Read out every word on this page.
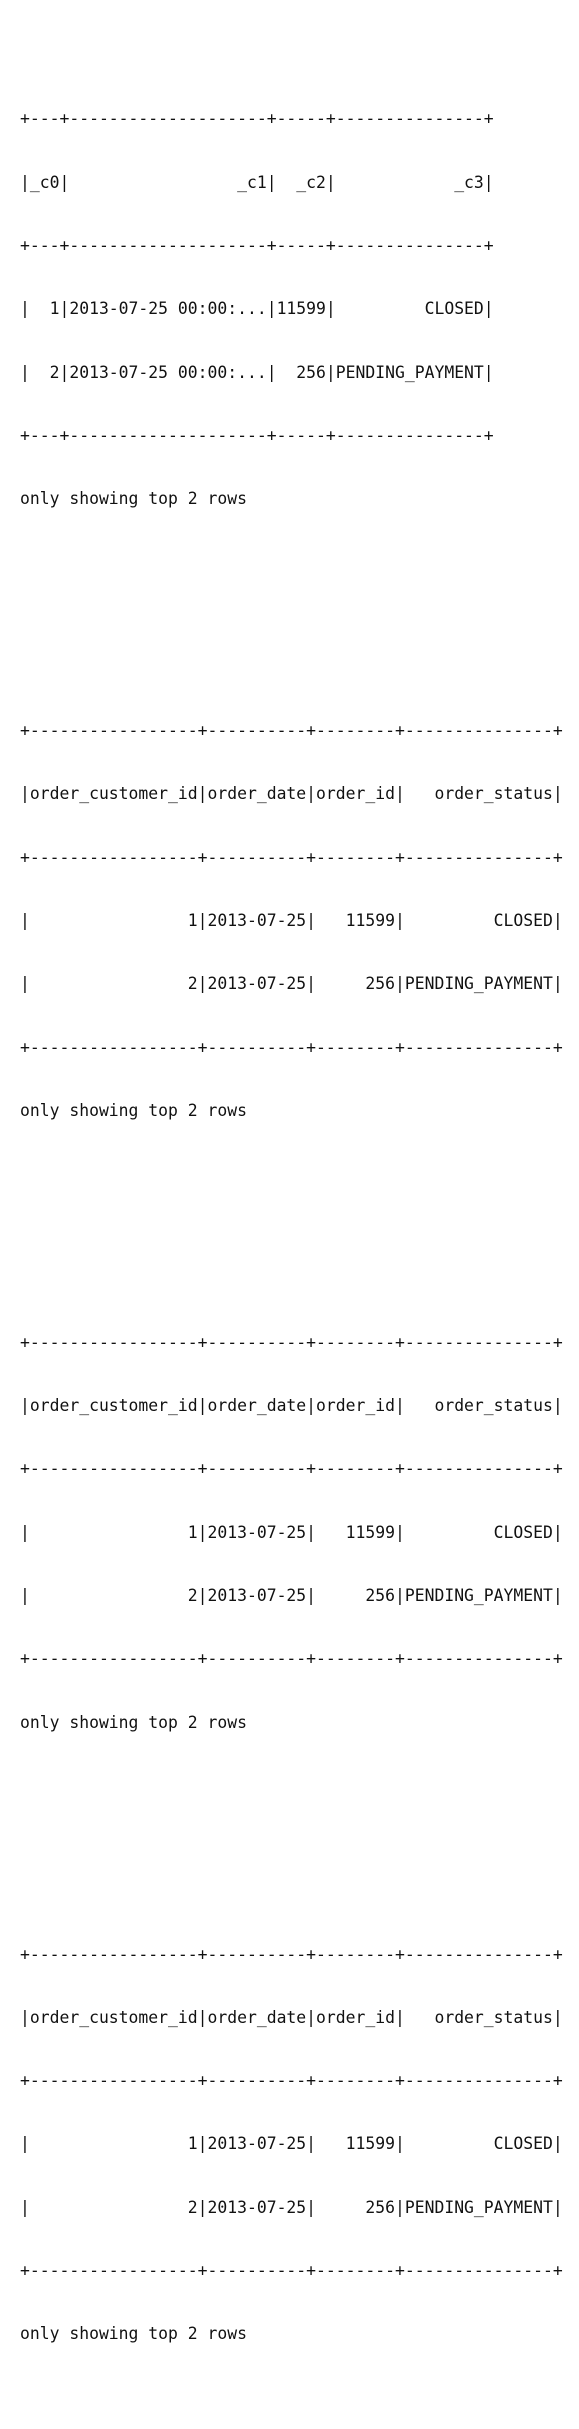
+---+--------------------+-----+---------------+

|_c0|                 _c1|  _c2|            _c3|

+---+--------------------+-----+---------------+

|  1|2013-07-25 00:00:...|11599|         CLOSED|

|  2|2013-07-25 00:00:...|  256|PENDING_PAYMENT|

+---+--------------------+-----+---------------+

only showing top 2 rows

+-----------------+----------+--------+---------------+

|order_customer_id|order_date|order_id|   order_status|

+-----------------+----------+--------+---------------+

|                1|2013-07-25|   11599|         CLOSED|

|                2|2013-07-25|     256|PENDING_PAYMENT|

+-----------------+----------+--------+---------------+

only showing top 2 rows

+-----------------+----------+--------+---------------+

|order_customer_id|order_date|order_id|   order_status|

+-----------------+----------+--------+---------------+

|                1|2013-07-25|   11599|         CLOSED|

|                2|2013-07-25|     256|PENDING_PAYMENT|

+-----------------+----------+--------+---------------+

only showing top 2 rows

+-----------------+----------+--------+---------------+

|order_customer_id|order_date|order_id|   order_status|

+-----------------+----------+--------+---------------+

|                1|2013-07-25|   11599|         CLOSED|

|                2|2013-07-25|     256|PENDING_PAYMENT|

+-----------------+----------+--------+---------------+

only showing top 2 rows
